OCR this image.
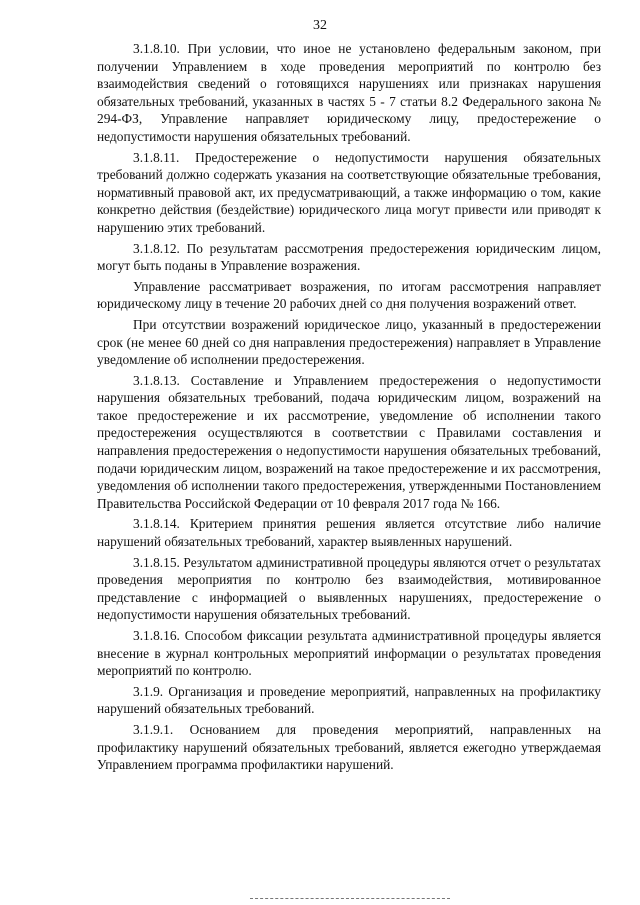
32

3.1.8.10. При условии, что иное не установлено федеральным законом, при получении Управлением в ходе проведения мероприятий по контролю без взаимодействия сведений о готовящихся нарушениях или признаках нарушения обязательных требований, указанных в частях 5 - 7 статьи 8.2 Федерального закона № 294-ФЗ, Управление направляет юридическому лицу, предостережение о недопустимости нарушения обязательных требований.

3.1.8.11. Предостережение о недопустимости нарушения обязательных требований должно содержать указания на соответствующие обязательные требования, нормативный правовой акт, их предусматривающий, а также информацию о том, какие конкретно действия (бездействие) юридического лица могут привести или приводят к нарушению этих требований.

3.1.8.12. По результатам рассмотрения предостережения юридическим лицом, могут быть поданы в Управление возражения.

Управление рассматривает возражения, по итогам рассмотрения направляет юридическому лицу в течение 20 рабочих дней со дня получения возражений ответ.

При отсутствии возражений юридическое лицо, указанный в предостережении срок (не менее 60 дней со дня направления предостережения) направляет в Управление уведомление об исполнении предостережения.

3.1.8.13. Составление и Управлением предостережения о недопустимости нарушения обязательных требований, подача юридическим лицом, возражений на такое предостережение и их рассмотрение, уведомление об исполнении такого предостережения осуществляются в соответствии с Правилами составления и направления предостережения о недопустимости нарушения обязательных требований, подачи юридическим лицом, возражений на такое предостережение и их рассмотрения, уведомления об исполнении такого предостережения, утвержденными Постановлением Правительства Российской Федерации от 10 февраля 2017 года № 166.

3.1.8.14. Критерием принятия решения является отсутствие либо наличие нарушений обязательных требований, характер выявленных нарушений.

3.1.8.15. Результатом административной процедуры являются отчет о результатах проведения мероприятия по контролю без взаимодействия, мотивированное представление с информацией о выявленных нарушениях, предостережение о недопустимости нарушения обязательных требований.

3.1.8.16. Способом фиксации результата административной процедуры является внесение в журнал контрольных мероприятий информации о результатах проведения мероприятий по контролю.

3.1.9. Организация и проведение мероприятий, направленных на профилактику нарушений обязательных требований.

3.1.9.1. Основанием для проведения мероприятий, направленных на профилактику нарушений обязательных требований, является ежегодно утверждаемая Управлением программа профилактики нарушений.
